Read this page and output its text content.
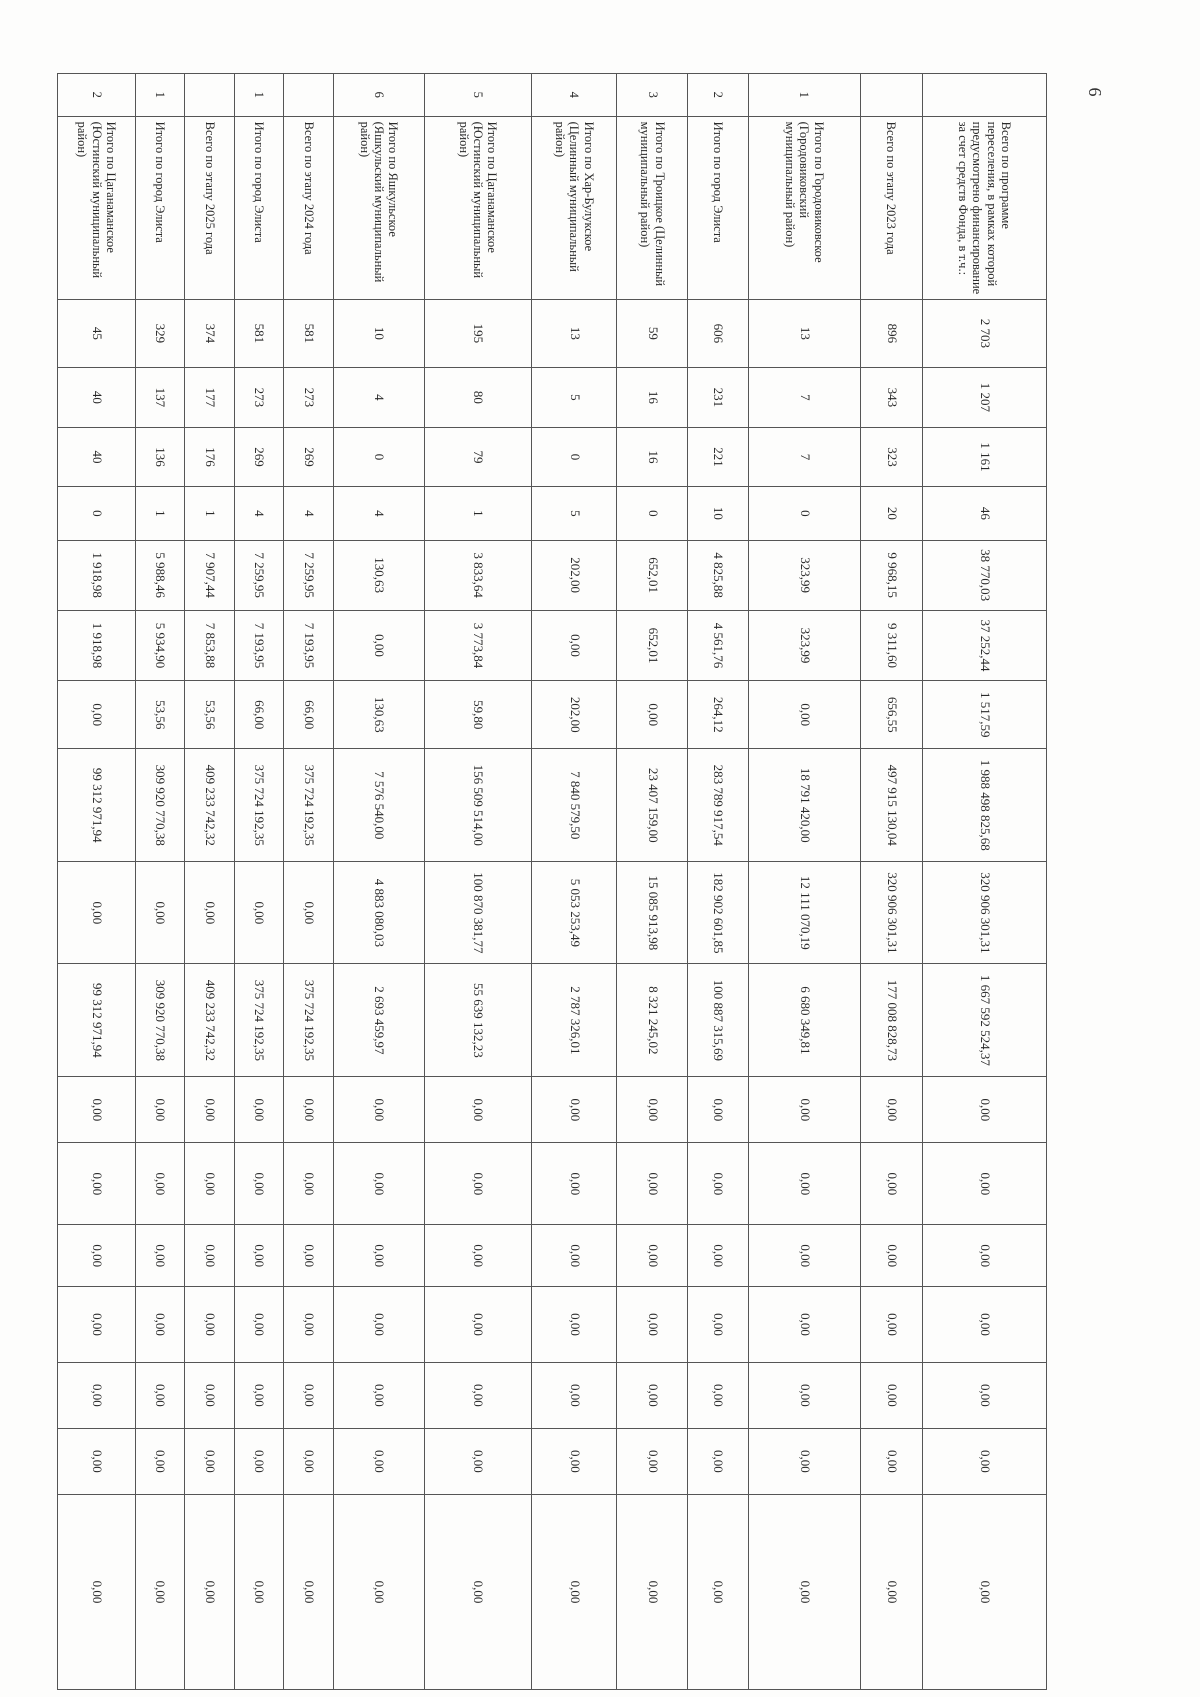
6
	Всего по программе переселения, в рамках которой предусмотрено финансирование за счет средств Фонда, в т.ч.:	2 703	1 207	1 161	46	38 770,03	37 252,44	1 517,59	1 988 498 825,68	320 906 301,31	1 667 592 524,37	0,00	0,00	0,00	0,00	0,00	0,00	0,00
	Всего по этапу 2023 года	896	343	323	20	9 968,15	9 311,60	656,55	497 915 130,04	320 906 301,31	177 008 828,73	0,00	0,00	0,00	0,00	0,00	0,00	0,00
1	Итого по Городовиковское (Городовиковский муниципальный район)	13	7	7	0	323,99	323,99	0,00	18 791 420,00	12 111 070,19	6 680 349,81	0,00	0,00	0,00	0,00	0,00	0,00	0,00
2	Итого по город Элиста	606	231	221	10	4 825,88	4 561,76	264,12	283 789 917,54	182 902 601,85	100 887 315,69	0,00	0,00	0,00	0,00	0,00	0,00	0,00
3	Итого по Троицкое (Целинный муниципальный район)	59	16	16	0	652,01	652,01	0,00	23 407 159,00	15 085 913,98	8 321 245,02	0,00	0,00	0,00	0,00	0,00	0,00	0,00
4	Итого по Хар-Булукское (Целинный муниципальный район)	13	5	0	5	202,00	0,00	202,00	7 840 579,50	5 053 253,49	2 787 326,01	0,00	0,00	0,00	0,00	0,00	0,00	0,00
5	Итого по Цаганаманское (Юстинский муниципальный район)	195	80	79	1	3 833,64	3 773,84	59,80	156 509 514,00	100 870 381,77	55 639 132,23	0,00	0,00	0,00	0,00	0,00	0,00	0,00
6	Итого по Яшкульское (Яшкульский муниципальный район)	10	4	0	4	130,63	0,00	130,63	7 576 540,00	4 883 080,03	2 693 459,97	0,00	0,00	0,00	0,00	0,00	0,00	0,00
	Всего по этапу 2024 года	581	273	269	4	7 259,95	7 193,95	66,00	375 724 192,35	0,00	375 724 192,35	0,00	0,00	0,00	0,00	0,00	0,00	0,00
1	Итого по город Элиста	581	273	269	4	7 259,95	7 193,95	66,00	375 724 192,35	0,00	375 724 192,35	0,00	0,00	0,00	0,00	0,00	0,00	0,00
	Всего по этапу 2025 года	374	177	176	1	7 907,44	7 853,88	53,56	409 233 742,32	0,00	409 233 742,32	0,00	0,00	0,00	0,00	0,00	0,00	0,00
1	Итого по город Элиста	329	137	136	1	5 988,46	5 934,90	53,56	309 920 770,38	0,00	309 920 770,38	0,00	0,00	0,00	0,00	0,00	0,00	0,00
2	Итого по Цаганаманское (Юстинский муниципальный район)	45	40	40	0	1 918,98	1 918,98	0,00	99 312 971,94	0,00	99 312 971,94	0,00	0,00	0,00	0,00	0,00	0,00	0,00
